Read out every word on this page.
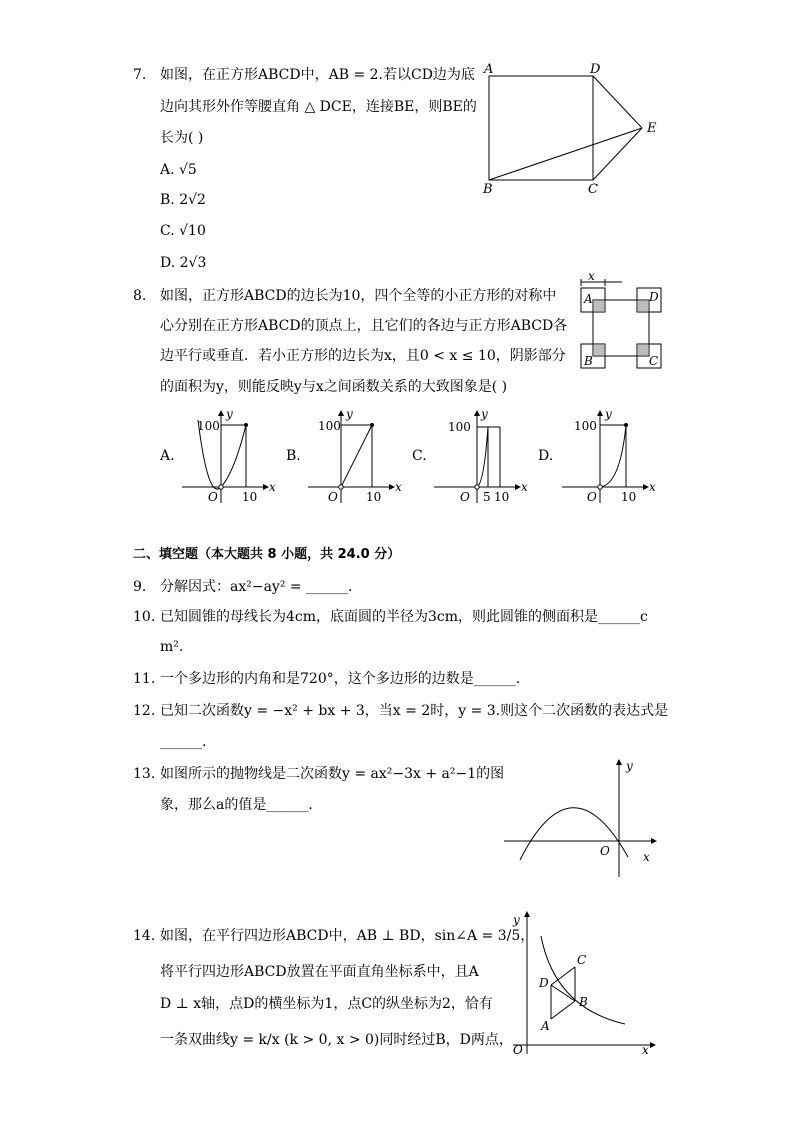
7. 如图，在正方形ABCD中，AB = 2.若以CD边为底
边向其形外作等腰直角 △ DCE，连接BE，则BE的
长为( )
A. √5
B. 2√2
C. √10
D. 2√3
A	D
E
B	C
8. 如图，正方形ABCD的边长为10，四个全等的小正方形的对称中
心分别在正方形ABCD的顶点上，且它们的各边与正方形ABCD各
边平行或垂直．若小正方形的边长为x，且0 < x ≤ 10，阴影部分
的面积为y，则能反映y与x之间函数关系的大致图象是( )
x
A	D
B	C
A.
100
y
x
O 10
B.
100
y
x
O 10
C.
100
y
x
O 5 10
D.
100
y
x
O 10
二、填空题（本大题共 8 小题，共 24.0 分）
9. 分解因式：ax²−ay² = ______．
10. 已知圆锥的母线长为4cm，底面圆的半径为3cm，则此圆锥的侧面积是______c
m².
11. 一个多边形的内角和是720°，这个多边形的边数是______．
12. 已知二次函数y = −x² + bx + 3，当x = 2时，y = 3.则这个二次函数的表达式是
______.
13. 如图所示的抛物线是二次函数y = ax²−3x + a²−1的图
象，那么a的值是______．
y
O	x
14. 如图，在平行四边形ABCD中，AB ⊥ BD，sin∠A = 3/5，
将平行四边形ABCD放置在平面直角坐标系中，且A
D ⊥ x轴，点D的横坐标为1，点C的纵坐标为2，恰有
一条双曲线y = k/x (k > 0, x > 0)同时经过B，D两点，
y
O	x
C
D
B
A
